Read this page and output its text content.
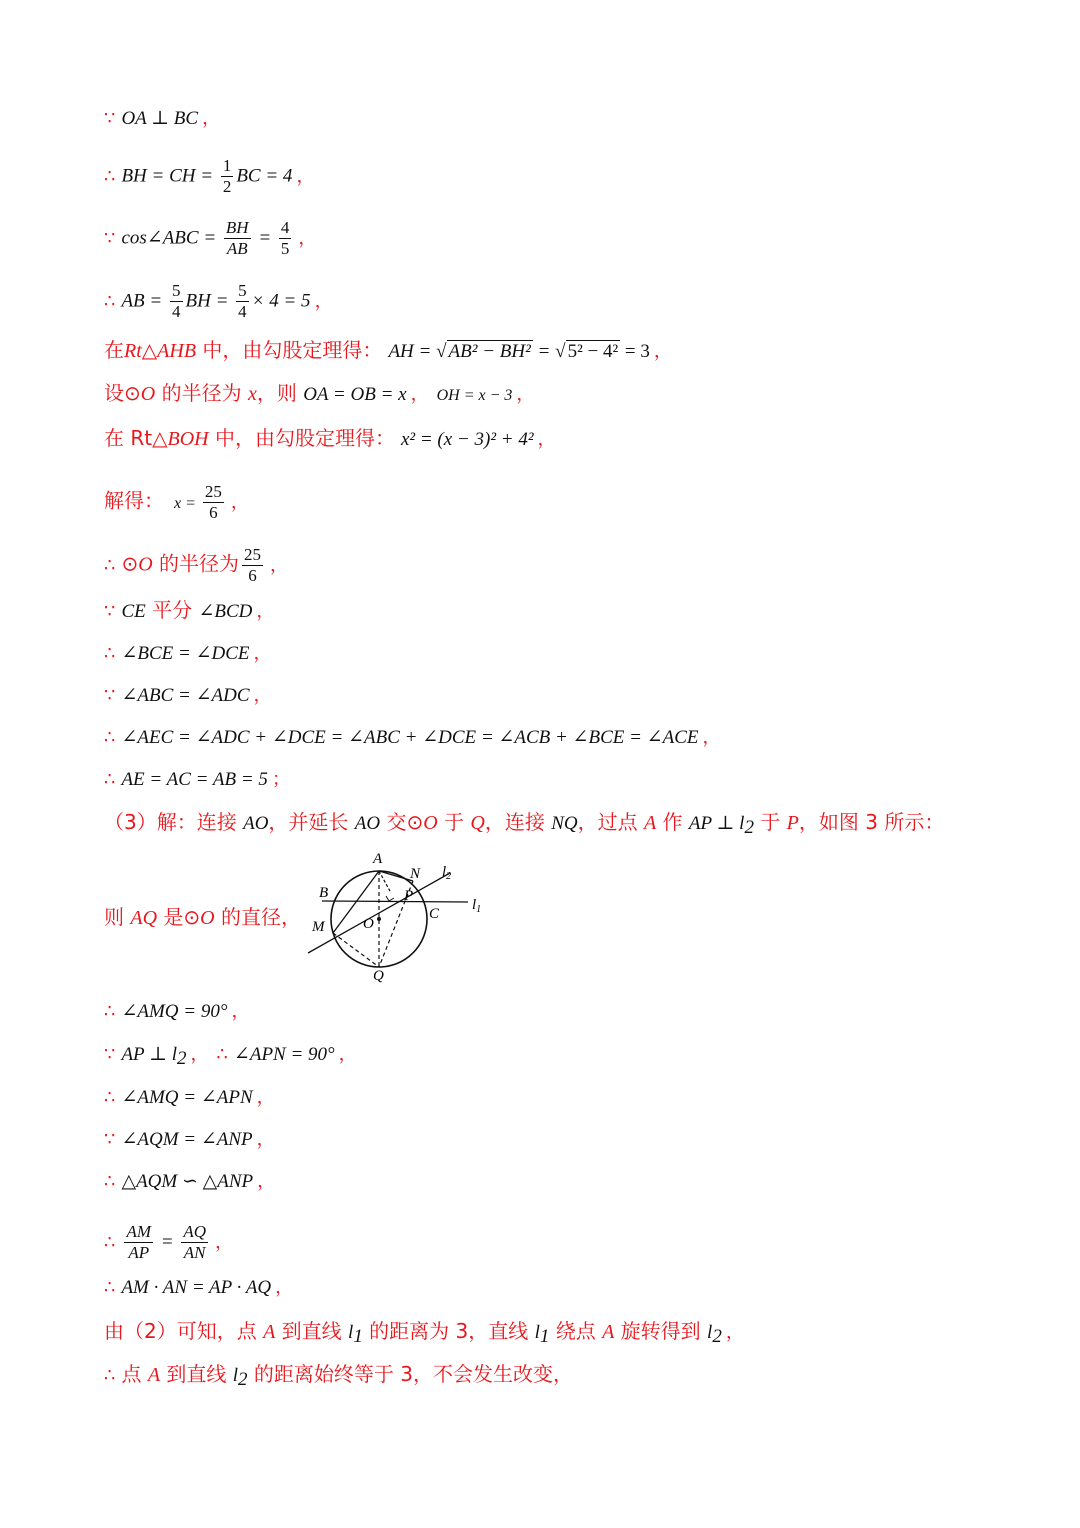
∵ OA ⊥ BC ，
∴ BH = CH = $\frac{1}{2}$ BC = 4 ，
∵ cos∠ABC = $\frac{BH}{AB} = \frac{4}{5}$ ，
∴ AB = $\frac{5}{4}$ BH = $\frac{5}{4} \times 4 = 5$ ，
在Rt△AHB 中，由勾股定理得： AH = √ AB² − BH² = √ 5² − 4² = 3 ，
设⊙O 的半径为 x，则 OA = OB = x ， OH = x − 3 ，
在 Rt△BOH 中，由勾股定理得： x² = (x − 3)² + 4² ，
解得： $x = \frac{25}{6}$ ，
∴ ⊙O 的半径为 $\frac{25}{6}$ ，
∵ CE 平分 ∠BCD ，
∴ ∠BCE = ∠DCE ，
∵ ∠ABC = ∠ADC ，
∴ ∠AEC = ∠ADC + ∠DCE = ∠ABC + ∠DCE = ∠ACB + ∠BCE = ∠ACE ，
∴ AE = AC = AB = 5 ；
（3）解：连接 AO，并延长 AO 交⊙O 于 Q，连接 NQ，过点 A 作 AP ⊥ $l_2$ 于 P，如图 3 所示：
则 AQ 是⊙O 的直径，
A
N $l_2$
B	P
C
$l_1$
M	O
Q
∴ ∠AMQ = 90° ，
∵ AP ⊥ $l_2$ ， ∴ ∠APN = 90° ，
∴ ∠AMQ = ∠APN ，
∵ ∠AQM = ∠ANP ，
∴ △AQM ∽ △ANP ，
∴ $\frac{AM}{AP} = \frac{AQ}{AN}$ ，
∴ AM · AN = AP · AQ ，
由（2）可知，点 A 到直线 $l_1$ 的距离为 3，直线 $l_1$ 绕点 A 旋转得到 $l_2$ ，
∴ 点 A 到直线 $l_2$ 的距离始终等于 3，不会发生改变，
